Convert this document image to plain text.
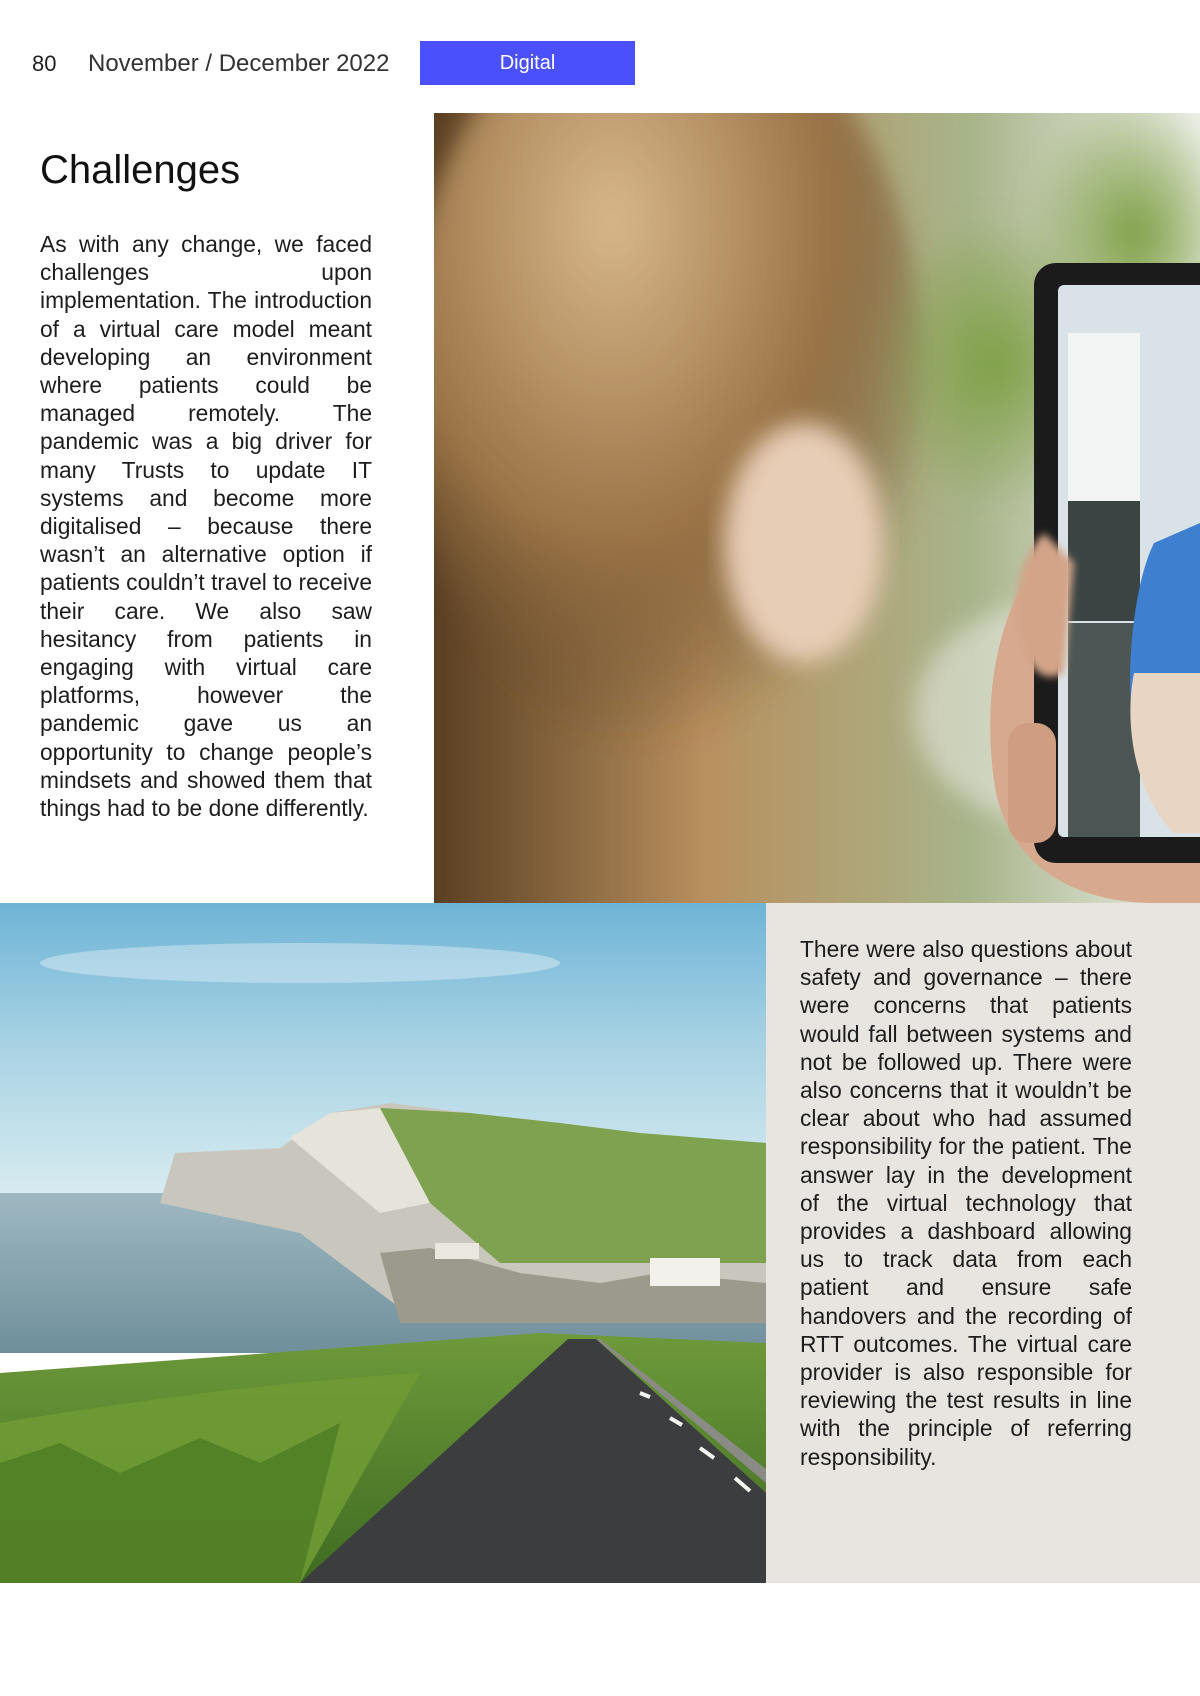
80 November / December 2022	Digital
Challenges

As with any change, we faced challenges upon implementation. The introduction of a virtual care model meant developing an environment where patients could be managed remotely. The pandemic was a big driver for many Trusts to update IT systems and become more digitalised – because there wasn’t an alternative option if patients couldn’t travel to receive their care. We also saw hesitancy from patients in engaging with virtual care platforms, however the pandemic gave us an opportunity to change people’s mindsets and showed them that things had to be done differently.

There were also questions about safety and governance – there were concerns that patients would fall between systems and not be followed up. There were also concerns that it wouldn’t be clear about who had assumed responsibility for the patient. The answer lay in the development of the virtual technology that provides a dashboard allowing us to track data from each patient and ensure safe handovers and the recording of RTT outcomes. The virtual care provider is also responsible for reviewing the test results in line with the principle of referring responsibility.
